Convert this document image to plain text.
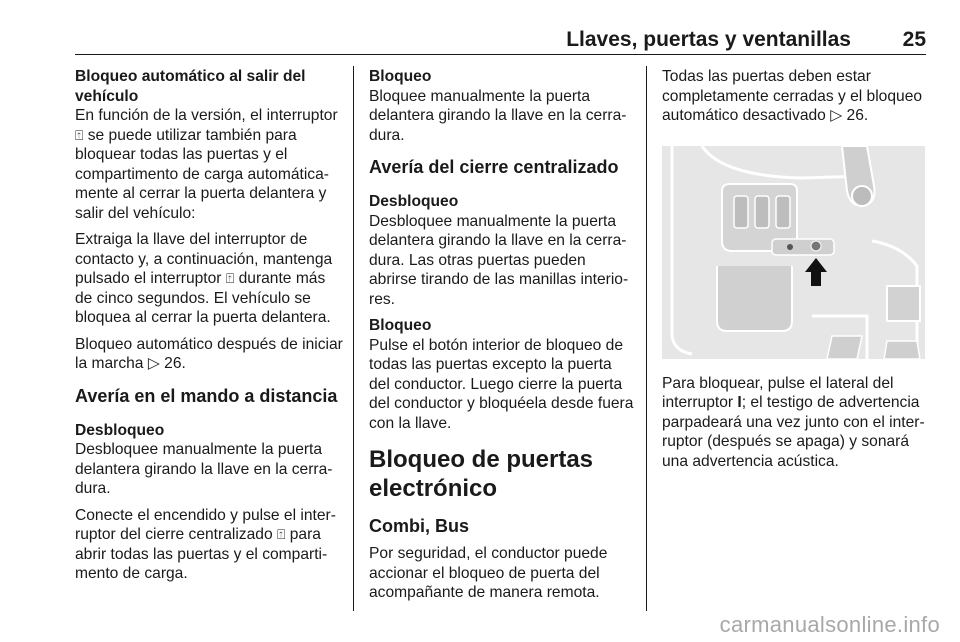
Llaves, puertas y ventanillas 25

Bloqueo automático al salir del vehículo

En función de la versión, el interruptor ⍐ se puede utilizar también para bloquear todas las puertas y el compartimento de carga automática-mente al cerrar la puerta delantera y salir del vehículo:

Extraiga la llave del interruptor de contacto y, a continuación, mantenga pulsado el interruptor ⍐ durante más de cinco segundos. El vehículo se bloquea al cerrar la puerta delantera.

Bloqueo automático después de iniciar la marcha ▷ 26.

Avería en el mando a distancia

Desbloqueo

Desbloquee manualmente la puerta delantera girando la llave en la cerra-dura.

Conecte el encendido y pulse el inter-ruptor del cierre centralizado ⍐ para abrir todas las puertas y el comparti-mento de carga.

Bloqueo

Bloquee manualmente la puerta delantera girando la llave en la cerra-dura.

Avería del cierre centralizado

Desbloqueo

Desbloquee manualmente la puerta delantera girando la llave en la cerra-dura. Las otras puertas pueden abrirse tirando de las manillas interio-res.

Bloqueo

Pulse el botón interior de bloqueo de todas las puertas excepto la puerta del conductor. Luego cierre la puerta del conductor y bloquéela desde fuera con la llave.

Bloqueo de puertas electrónico

Combi, Bus

Por seguridad, el conductor puede accionar el bloqueo de puerta del acompañante de manera remota.

Todas las puertas deben estar completamente cerradas y el bloqueo automático desactivado ▷ 26.

Para bloquear, pulse el lateral del interruptor I; el testigo de advertencia parpadeará una vez junto con el inter-ruptor (después se apaga) y sonará una advertencia acústica.

carmanualsonline.info
